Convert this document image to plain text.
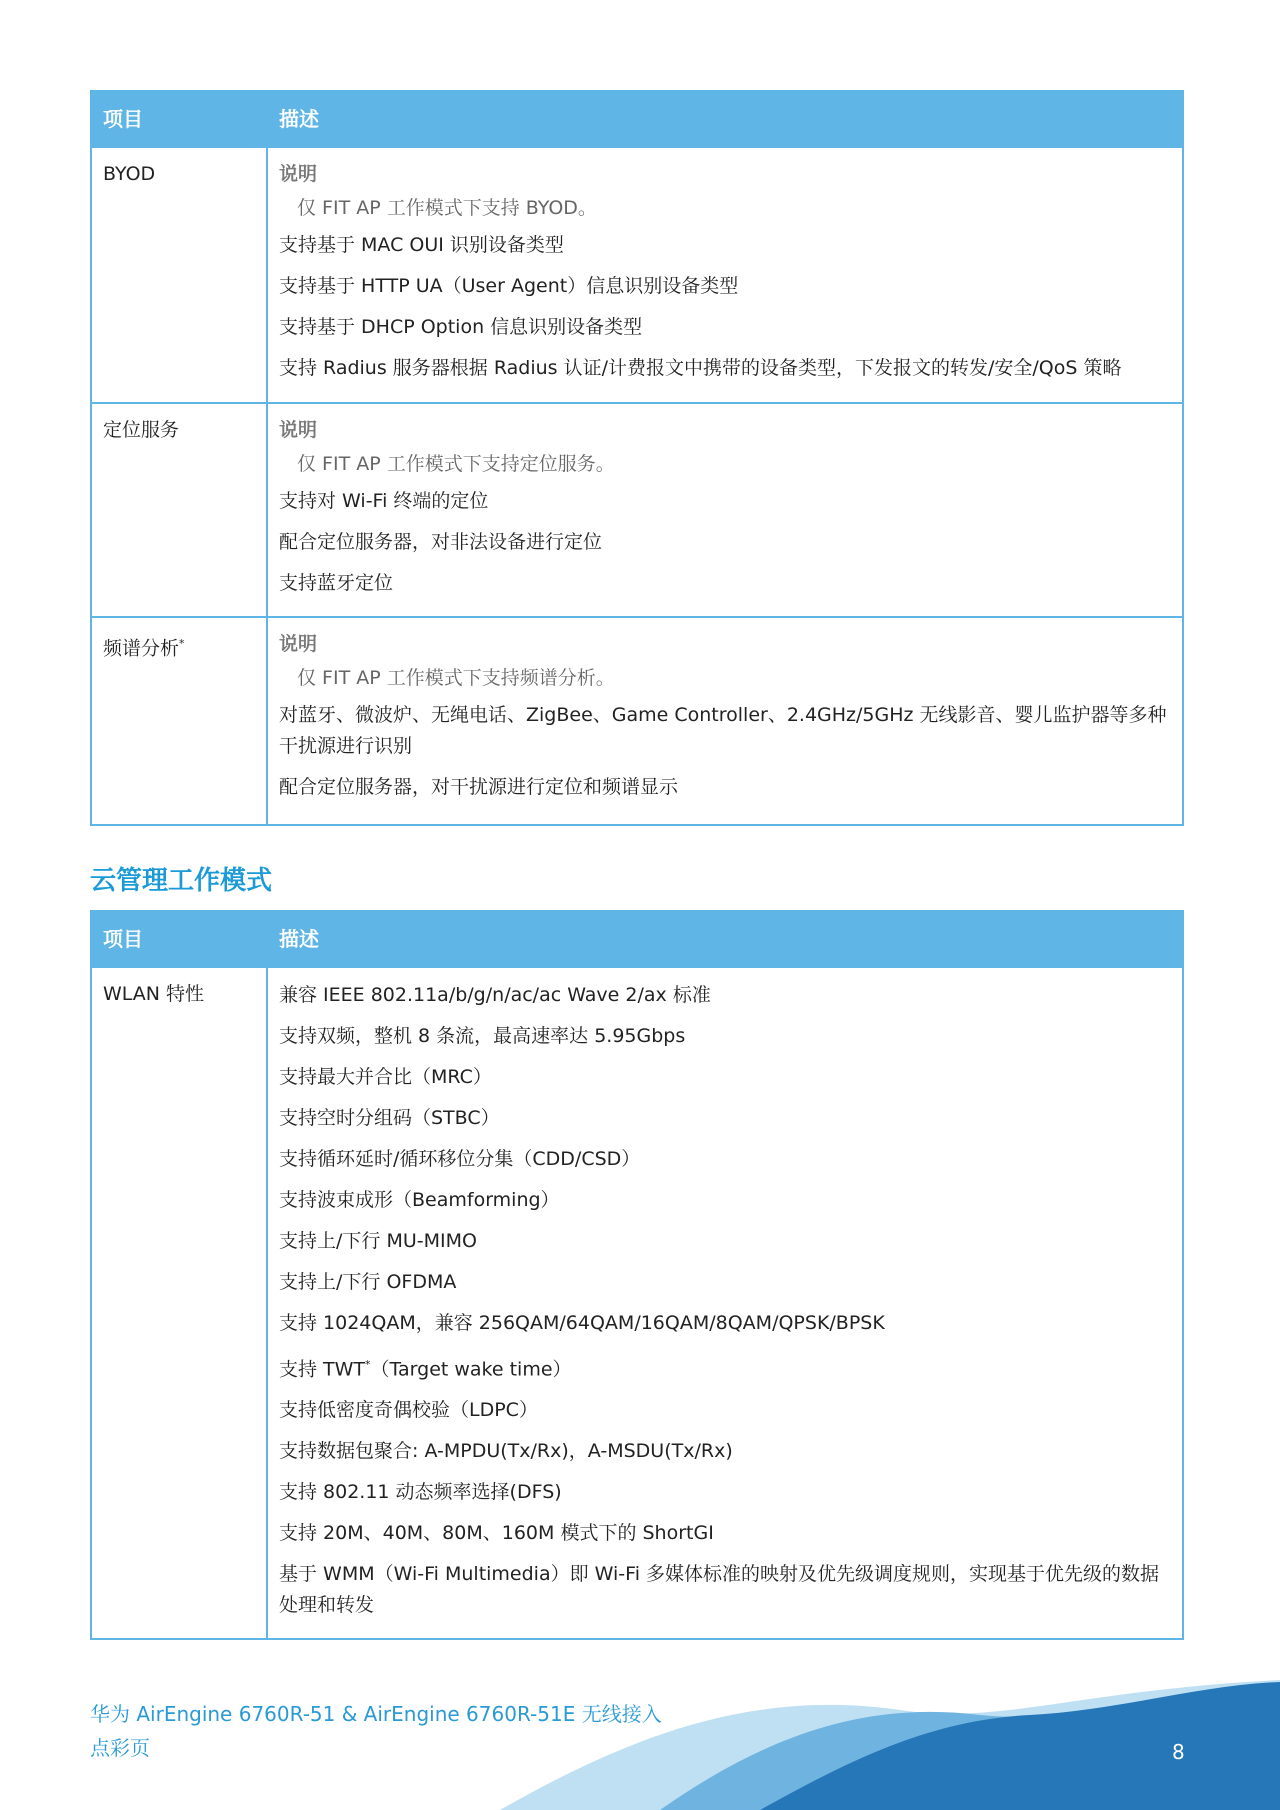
项目	描述
BYOD	说明
仅 FIT AP 工作模式下支持 BYOD。
支持基于 MAC OUI 识别设备类型
支持基于 HTTP UA（User Agent）信息识别设备类型
支持基于 DHCP Option 信息识别设备类型
支持 Radius 服务器根据 Radius 认证/计费报文中携带的设备类型，下发报文的转发/安全/QoS 策略
定位服务	说明
仅 FIT AP 工作模式下支持定位服务。
支持对 Wi-Fi 终端的定位
配合定位服务器，对非法设备进行定位
支持蓝牙定位
频谱分析*	说明
仅 FIT AP 工作模式下支持频谱分析。
对蓝牙、微波炉、无绳电话、ZigBee、Game Controller、2.4GHz/5GHz 无线影音、婴儿监护器等多种干扰源进行识别
配合定位服务器，对干扰源进行定位和频谱显示
云管理工作模式
项目	描述
WLAN 特性	兼容 IEEE 802.11a/b/g/n/ac/ac Wave 2/ax 标准
支持双频，整机 8 条流，最高速率达 5.95Gbps
支持最大并合比（MRC）
支持空时分组码（STBC）
支持循环延时/循环移位分集（CDD/CSD）
支持波束成形（Beamforming）
支持上/下行 MU-MIMO
支持上/下行 OFDMA
支持 1024QAM，兼容 256QAM/64QAM/16QAM/8QAM/QPSK/BPSK
支持 TWT*（Target wake time）
支持低密度奇偶校验（LDPC）
支持数据包聚合: A-MPDU(Tx/Rx)，A-MSDU(Tx/Rx)
支持 802.11 动态频率选择(DFS)
支持 20M、40M、80M、160M 模式下的 ShortGI
基于 WMM（Wi-Fi Multimedia）即 Wi-Fi 多媒体标准的映射及优先级调度规则，实现基于优先级的数据处理和转发
华为 AirEngine 6760R-51 & AirEngine 6760R-51E 无线接入
点彩页	8
